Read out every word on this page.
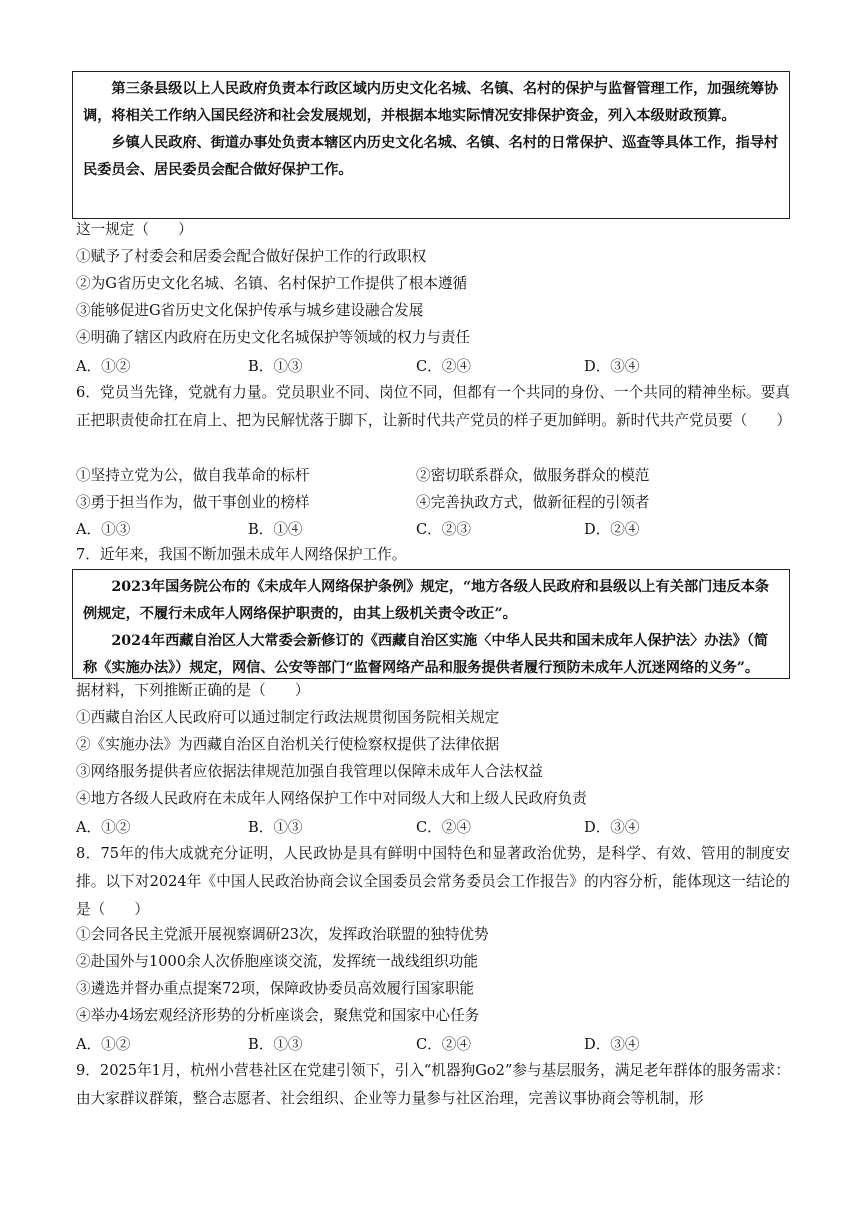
第三条县级以上人民政府负责本行政区域内历史文化名城、名镇、名村的保护与监督管理工作，加强统筹协调，将相关工作纳入国民经济和社会发展规划，并根据本地实际情况安排保护资金，列入本级财政预算。

乡镇人民政府、街道办事处负责本辖区内历史文化名城、名镇、名村的日常保护、巡查等具体工作，指导村民委员会、居民委员会配合做好保护工作。

这一规定（　　）
①赋予了村委会和居委会配合做好保护工作的行政职权
②为G省历史文化名城、名镇、名村保护工作提供了根本遵循
③能够促进G省历史文化保护传承与城乡建设融合发展
④明确了辖区内政府在历史文化名城保护等领域的权力与责任
A．①②	B．①③	C．②④	D．③④
6．党员当先锋，党就有力量。党员职业不同、岗位不同，但都有一个共同的身份、一个共同的精神坐标。要真正把职责使命扛在肩上、把为民解忧落于脚下，让新时代共产党员的样子更加鲜明。新时代共产党员要（　　）
①坚持立党为公，做自我革命的标杆	②密切联系群众，做服务群众的模范
③勇于担当作为，做干事创业的榜样	④完善执政方式，做新征程的引领者
A．①③	B．①④	C．②③	D．②④
7．近年来，我国不断加强未成年人网络保护工作。

2023年国务院公布的《未成年人网络保护条例》规定，“地方各级人民政府和县级以上有关部门违反本条例规定，不履行未成年人网络保护职责的，由其上级机关责令改正”。

2024年西藏自治区人大常委会新修订的《西藏自治区实施〈中华人民共和国未成年人保护法〉办法》（简称《实施办法》）规定，网信、公安等部门“监督网络产品和服务提供者履行预防未成年人沉迷网络的义务”。

据材料，下列推断正确的是（　　）
①西藏自治区人民政府可以通过制定行政法规贯彻国务院相关规定
②《实施办法》为西藏自治区自治机关行使检察权提供了法律依据
③网络服务提供者应依据法律规范加强自我管理以保障未成年人合法权益
④地方各级人民政府在未成年人网络保护工作中对同级人大和上级人民政府负责
A．①②	B．①③	C．②④	D．③④
8．75年的伟大成就充分证明，人民政协是具有鲜明中国特色和显著政治优势，是科学、有效、管用的制度安排。以下对2024年《中国人民政治协商会议全国委员会常务委员会工作报告》的内容分析，能体现这一结论的是（　　）
①会同各民主党派开展视察调研23次，发挥政治联盟的独特优势
②赴国外与1000余人次侨胞座谈交流，发挥统一战线组织功能
③遴选并督办重点提案72项，保障政协委员高效履行国家职能
④举办4场宏观经济形势的分析座谈会，聚焦党和国家中心任务
A．①②	B．①③	C．②④	D．③④
9．2025年1月，杭州小营巷社区在党建引领下，引入“机器狗Go2”参与基层服务，满足老年群体的服务需求：由大家群议群策，整合志愿者、社会组织、企业等力量参与社区治理，完善议事协商会等机制，形
